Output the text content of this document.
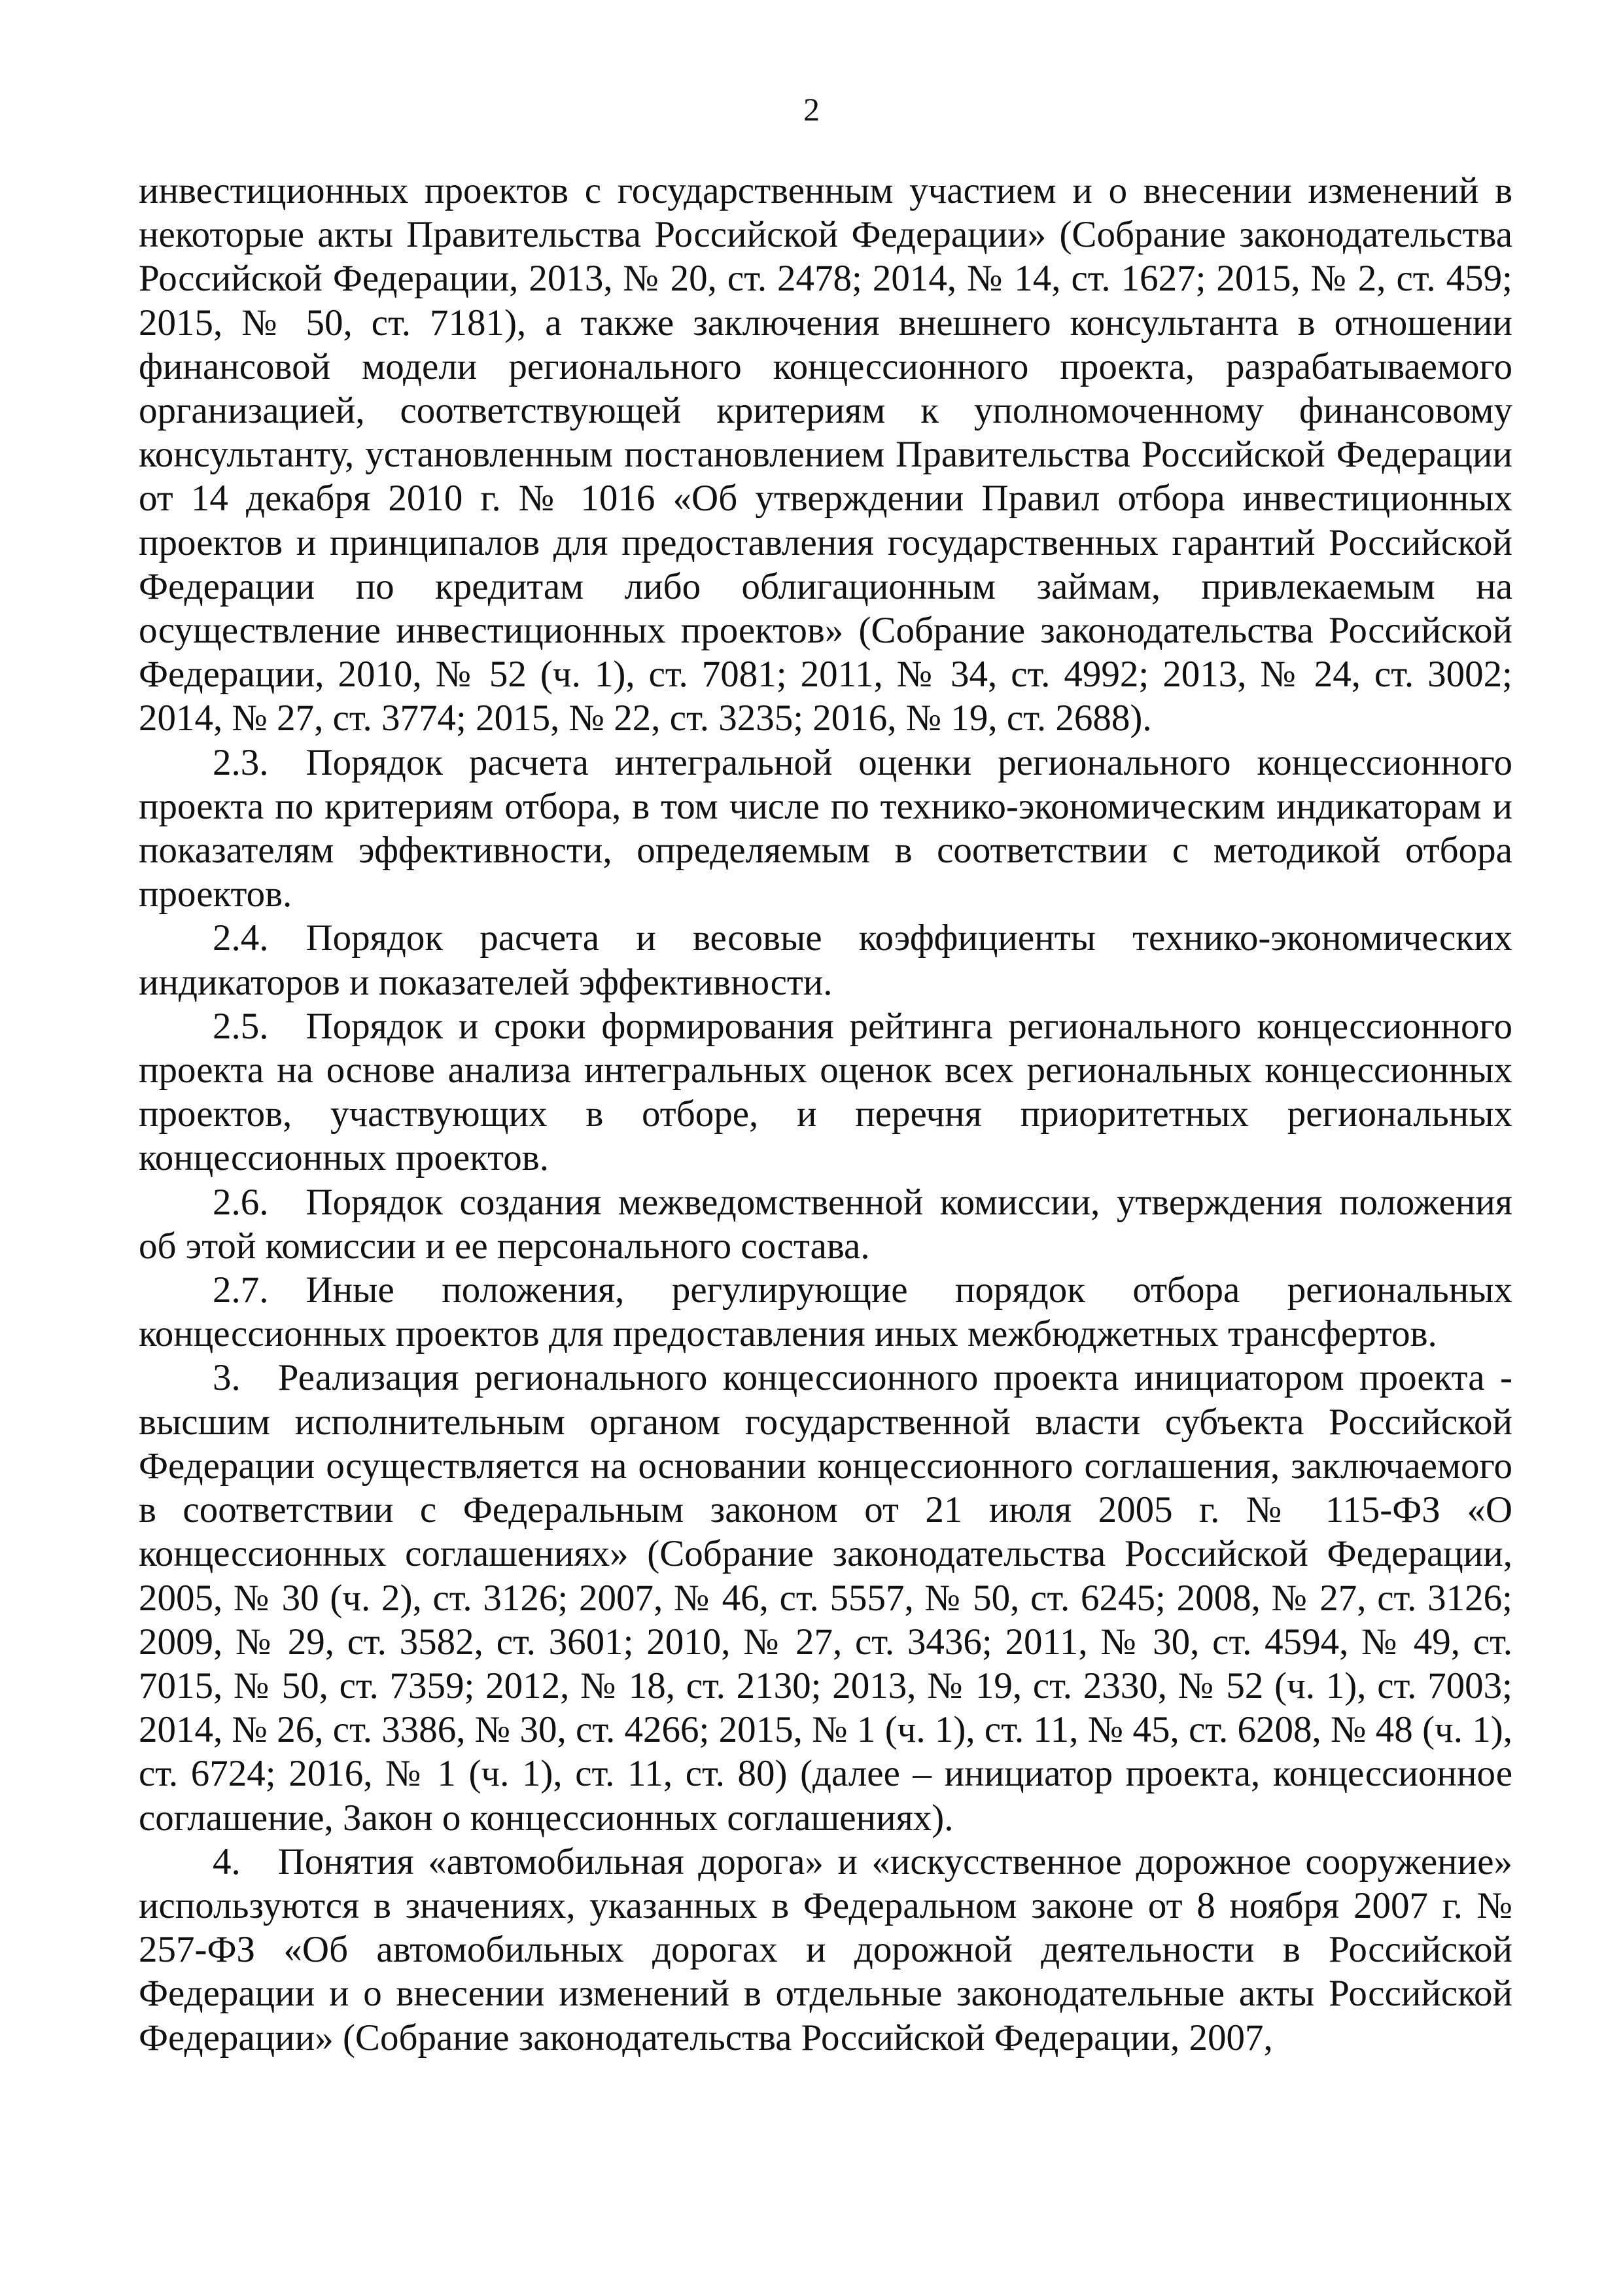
2

инвестиционных проектов с государственным участием и о внесении изменений в некоторые акты Правительства Российской Федерации» (Собрание законодательства Российской Федерации, 2013, № 20, ст. 2478; 2014, № 14, ст. 1627; 2015, № 2, ст. 459; 2015, № 50, ст. 7181), а также заключения внешнего консультанта в отношении финансовой модели регионального концессионного проекта, разрабатываемого организацией, соответствующей критериям к уполномоченному финансовому консультанту, установленным постановлением Правительства Российской Федерации от 14 декабря 2010 г. № 1016 «Об утверждении Правил отбора инвестиционных проектов и принципалов для предоставления государственных гарантий Российской Федерации по кредитам либо облигационным займам, привлекаемым на осуществление инвестиционных проектов» (Собрание законодательства Российской Федерации, 2010, № 52 (ч. 1), ст. 7081; 2011, № 34, ст. 4992; 2013, № 24, ст. 3002; 2014, № 27, ст. 3774; 2015, № 22, ст. 3235; 2016, № 19, ст. 2688).

2.3. Порядок расчета интегральной оценки регионального концессионного проекта по критериям отбора, в том числе по технико-экономическим индикаторам и показателям эффективности, определяемым в соответствии с методикой отбора проектов.

2.4. Порядок расчета и весовые коэффициенты технико-экономических индикаторов и показателей эффективности.

2.5. Порядок и сроки формирования рейтинга регионального концессионного проекта на основе анализа интегральных оценок всех региональных концессионных проектов, участвующих в отборе, и перечня приоритетных региональных концессионных проектов.

2.6. Порядок создания межведомственной комиссии, утверждения положения об этой комиссии и ее персонального состава.

2.7. Иные положения, регулирующие порядок отбора региональных концессионных проектов для предоставления иных межбюджетных трансфертов.

3. Реализация регионального концессионного проекта инициатором проекта - высшим исполнительным органом государственной власти субъекта Российской Федерации осуществляется на основании концессионного соглашения, заключаемого в соответствии с Федеральным законом от 21 июля 2005 г. № 115-ФЗ «О концессионных соглашениях» (Собрание законодательства Российской Федерации, 2005, № 30 (ч. 2), ст. 3126; 2007, № 46, ст. 5557, № 50, ст. 6245; 2008, № 27, ст. 3126; 2009, № 29, ст. 3582, ст. 3601; 2010, № 27, ст. 3436; 2011, № 30, ст. 4594, № 49, ст. 7015, № 50, ст. 7359; 2012, № 18, ст. 2130; 2013, № 19, ст. 2330, № 52 (ч. 1), ст. 7003; 2014, № 26, ст. 3386, № 30, ст. 4266; 2015, № 1 (ч. 1), ст. 11, № 45, ст. 6208, № 48 (ч. 1), ст. 6724; 2016, № 1 (ч. 1), ст. 11, ст. 80) (далее – инициатор проекта, концессионное соглашение, Закон о концессионных соглашениях).

4. Понятия «автомобильная дорога» и «искусственное дорожное сооружение» используются в значениях, указанных в Федеральном законе от 8 ноября 2007 г. № 257-ФЗ «Об автомобильных дорогах и дорожной деятельности в Российской Федерации и о внесении изменений в отдельные законодательные акты Российской Федерации» (Собрание законодательства Российской Федерации, 2007,
